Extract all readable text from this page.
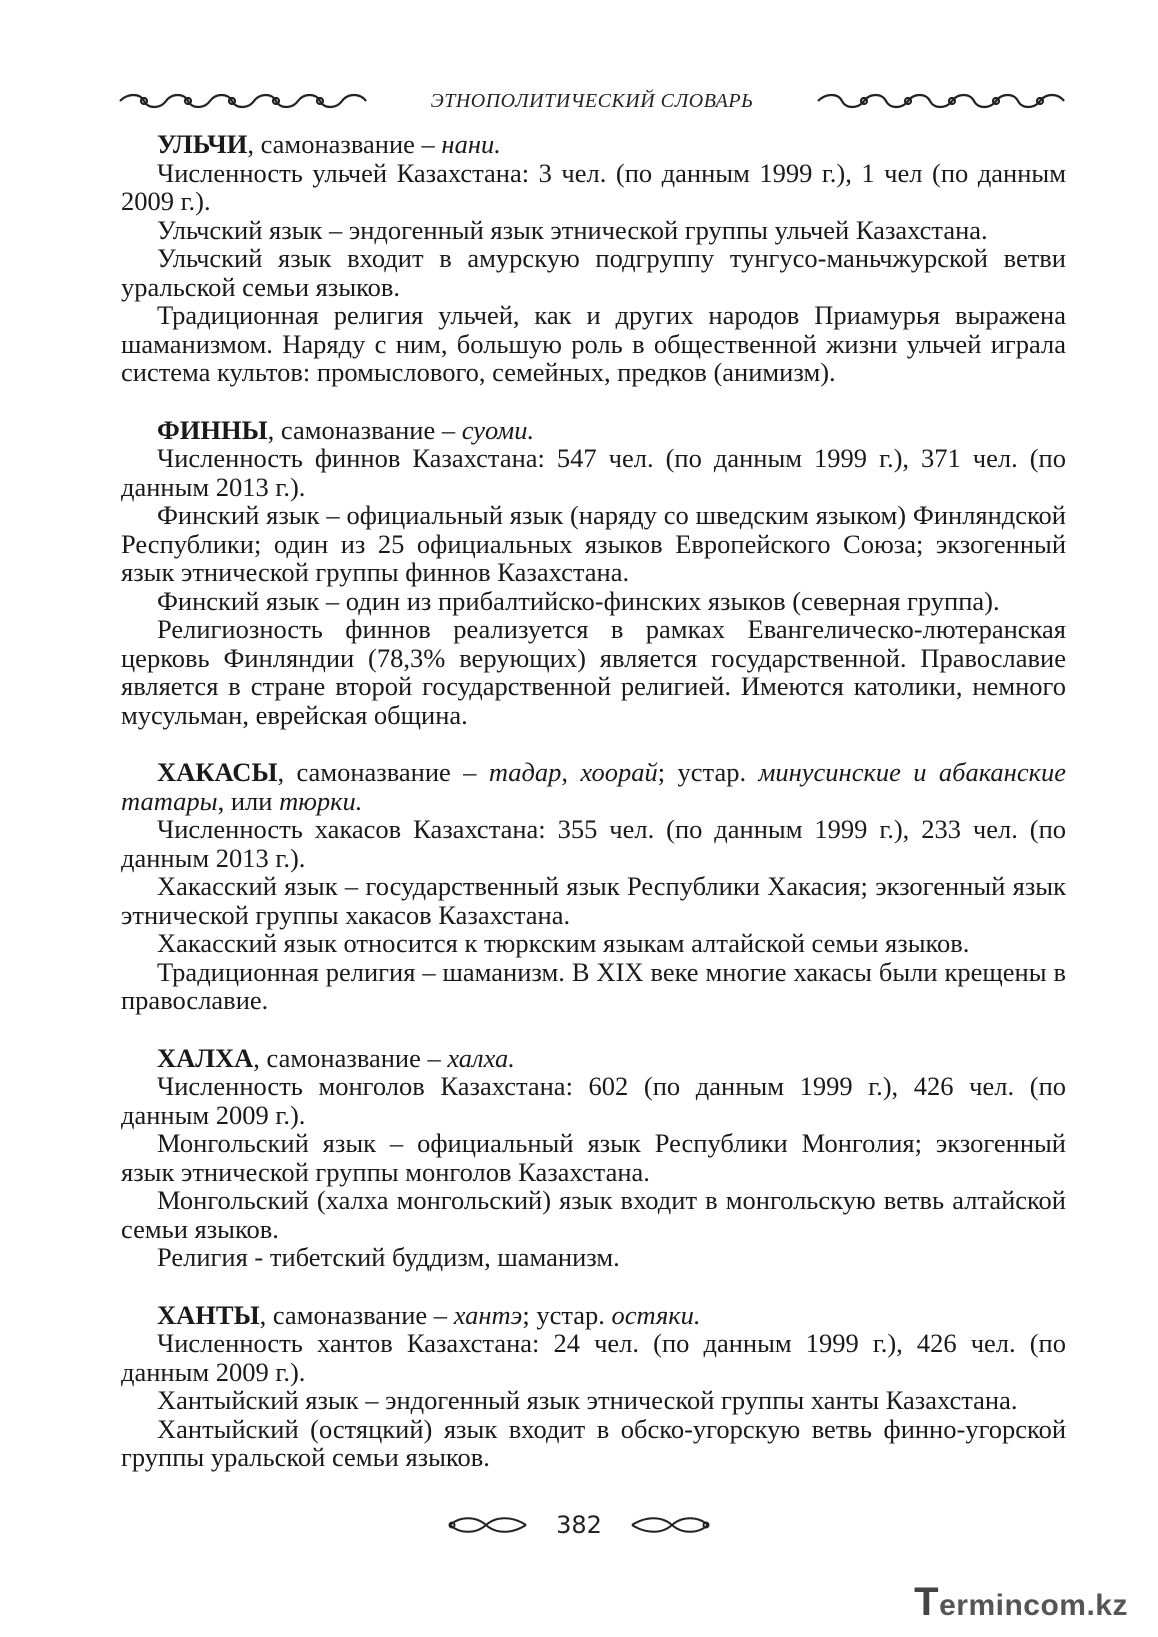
ЭТНОПОЛИТИЧЕСКИЙ СЛОВАРЬ

УЛЬЧИ, самоназвание – нани.

Численность ульчей Казахстана: 3 чел. (по данным 1999 г.), 1 чел (по данным 2009 г.).

Ульчский язык – эндогенный язык этнической группы ульчей Казахстана.

Ульчский язык входит в амурскую подгруппу тунгусо-маньчжурской ветви уральской семьи языков.

Традиционная религия ульчей, как и других народов Приамурья выражена шаманизмом. Наряду с ним, большую роль в общественной жизни ульчей играла система культов: промыслового, семейных, предков (анимизм).

ФИННЫ, самоназвание – суоми.

Численность финнов Казахстана: 547 чел. (по данным 1999 г.), 371 чел. (по данным 2013 г.).

Финский язык – официальный язык (наряду со шведским языком) Финляндской Республики; один из 25 официальных языков Европейского Союза; экзогенный язык этнической группы финнов Казахстана.

Финский язык – один из прибалтийско-финских языков (северная группа).

Религиозность финнов реализуется в рамках Евангелическо-лютеранская церковь Финляндии (78,3% верующих) является государственной. Православие является в стране второй государственной религией. Имеются католики, немного мусульман, еврейская община.

ХАКАСЫ, самоназвание – тадар, хоорай; устар. минусинские и абаканские татары, или тюрки.

Численность хакасов Казахстана: 355 чел. (по данным 1999 г.), 233 чел. (по данным 2013 г.).

Хакасский язык – государственный язык Республики Хакасия; экзогенный язык этнической группы хакасов Казахстана.

Хакасский язык относится к тюркским языкам алтайской семьи языков.

Традиционная религия – шаманизм. В XIX веке многие хакасы были крещены в православие.

ХАЛХА, самоназвание – халха.

Численность монголов Казахстана: 602 (по данным 1999 г.), 426 чел. (по данным 2009 г.).

Монгольский язык – официальный язык Республики Монголия; экзогенный язык этнической группы монголов Казахстана.

Монгольский (халха монгольский) язык входит в монгольскую ветвь алтайской семьи языков.

Религия - тибетский буддизм, шаманизм.

ХАНТЫ, самоназвание – хантэ; устар. остяки.

Численность хантов Казахстана: 24 чел. (по данным 1999 г.), 426 чел. (по данным 2009 г.).

Хантыйский язык – эндогенный язык этнической группы ханты Казахстана.

Хантыйский (остяцкий) язык входит в обско-угорскую ветвь финно-угорской группы уральской семьи языков.

382
Termincom.kz
